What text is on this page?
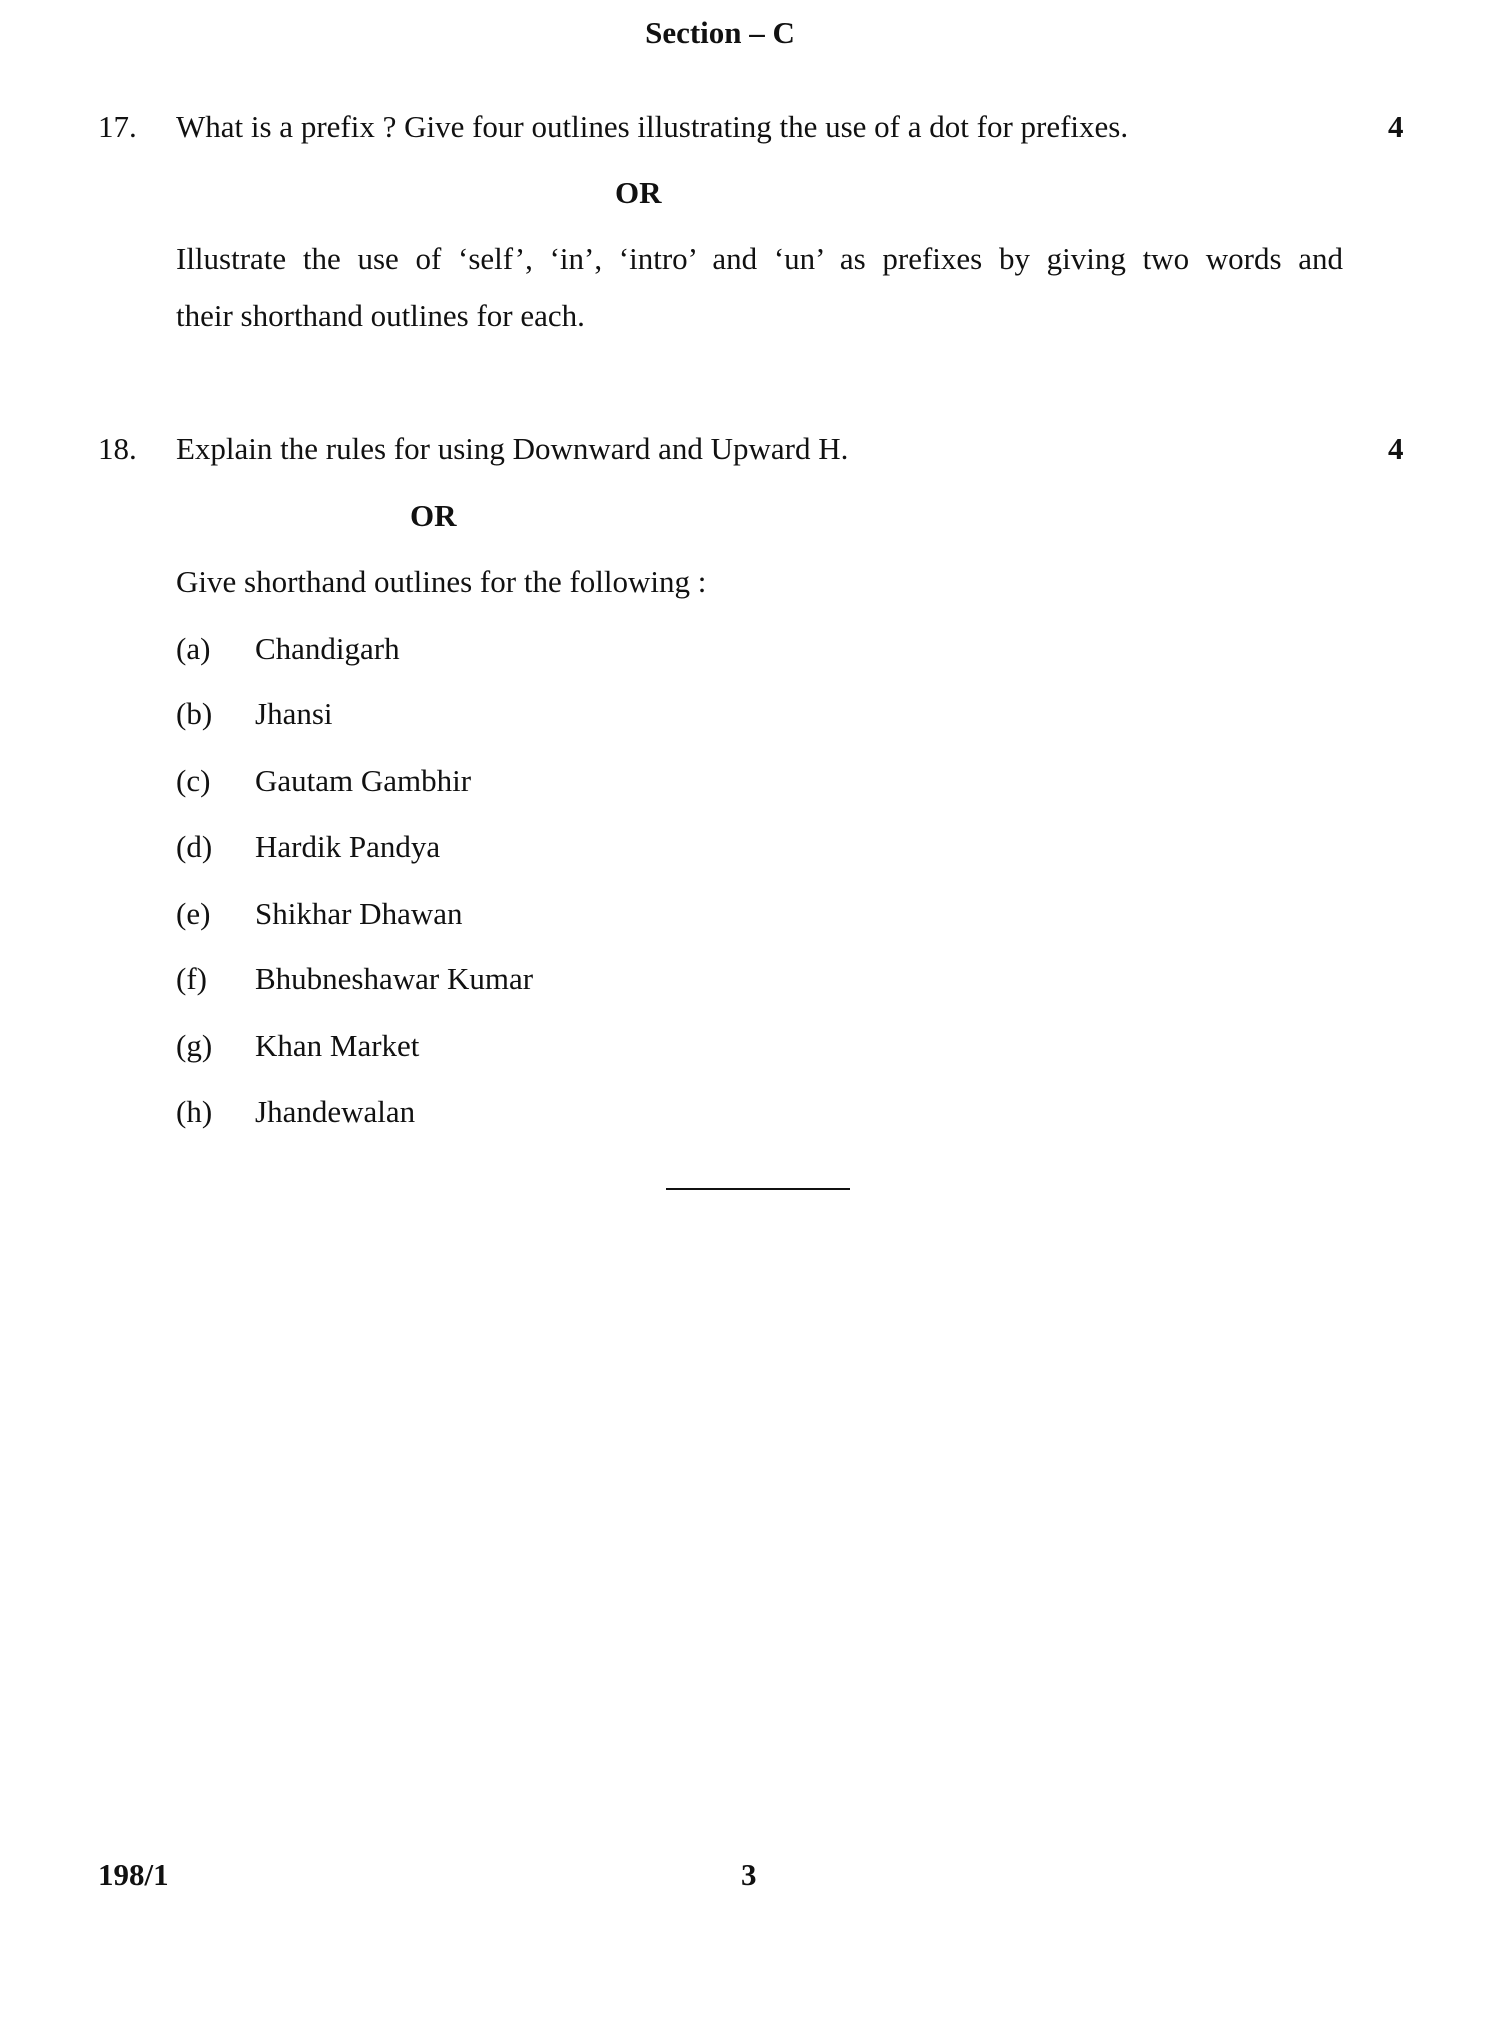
Section – C
17. What is a prefix ? Give four outlines illustrating the use of a dot for prefixes.	4
OR
Illustrate the use of ‘self’, ‘in’, ‘intro’ and ‘un’ as prefixes by giving two words and
their shorthand outlines for each.
18. Explain the rules for using Downward and Upward H.	4
OR
Give shorthand outlines for the following :
(a) Chandigarh
(b) Jhansi
(c) Gautam Gambhir
(d) Hardik Pandya
(e) Shikhar Dhawan
(f) Bhubneshawar Kumar
(g) Khan Market
(h) Jhandewalan
198/1	3
